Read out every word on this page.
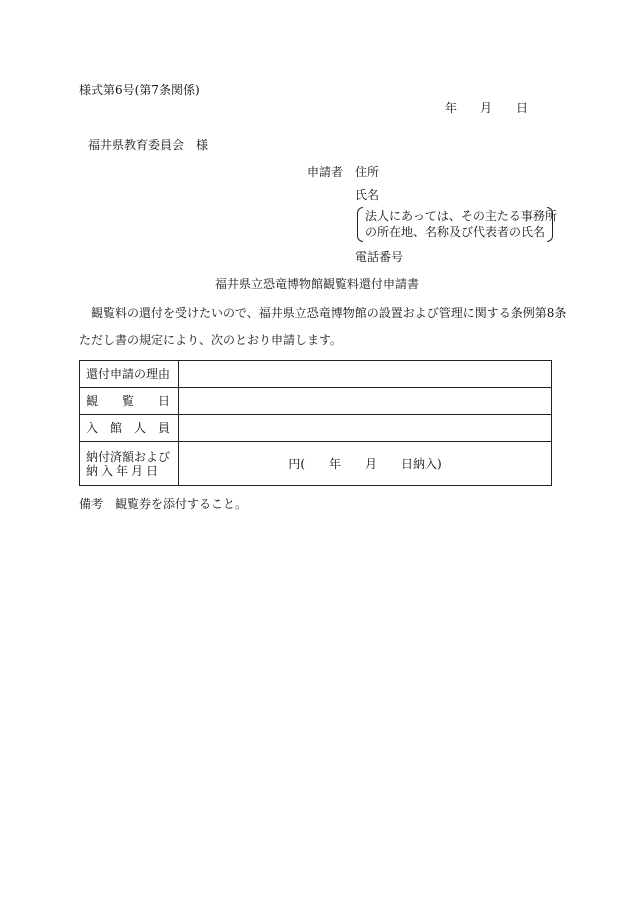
様式第6号(第7条関係)
年 月 日
福井県教育委員会　様
申請者 住所
氏名
法人にあっては、その主たる事務所
の所在地、名称及び代表者の氏名
電話番号
福井県立恐竜博物館観覧料還付申請書
観覧料の還付を受けたいので、福井県立恐竜博物館の設置および管理に関する条例第8条
ただし書の規定により、次のとおり申請します。
還付申請の理由	
観　　覧　　日	
入　館　人　員	

納付済額および
納入年月日	円(　　年　　月　　日納入)
備考　観覧券を添付すること。
